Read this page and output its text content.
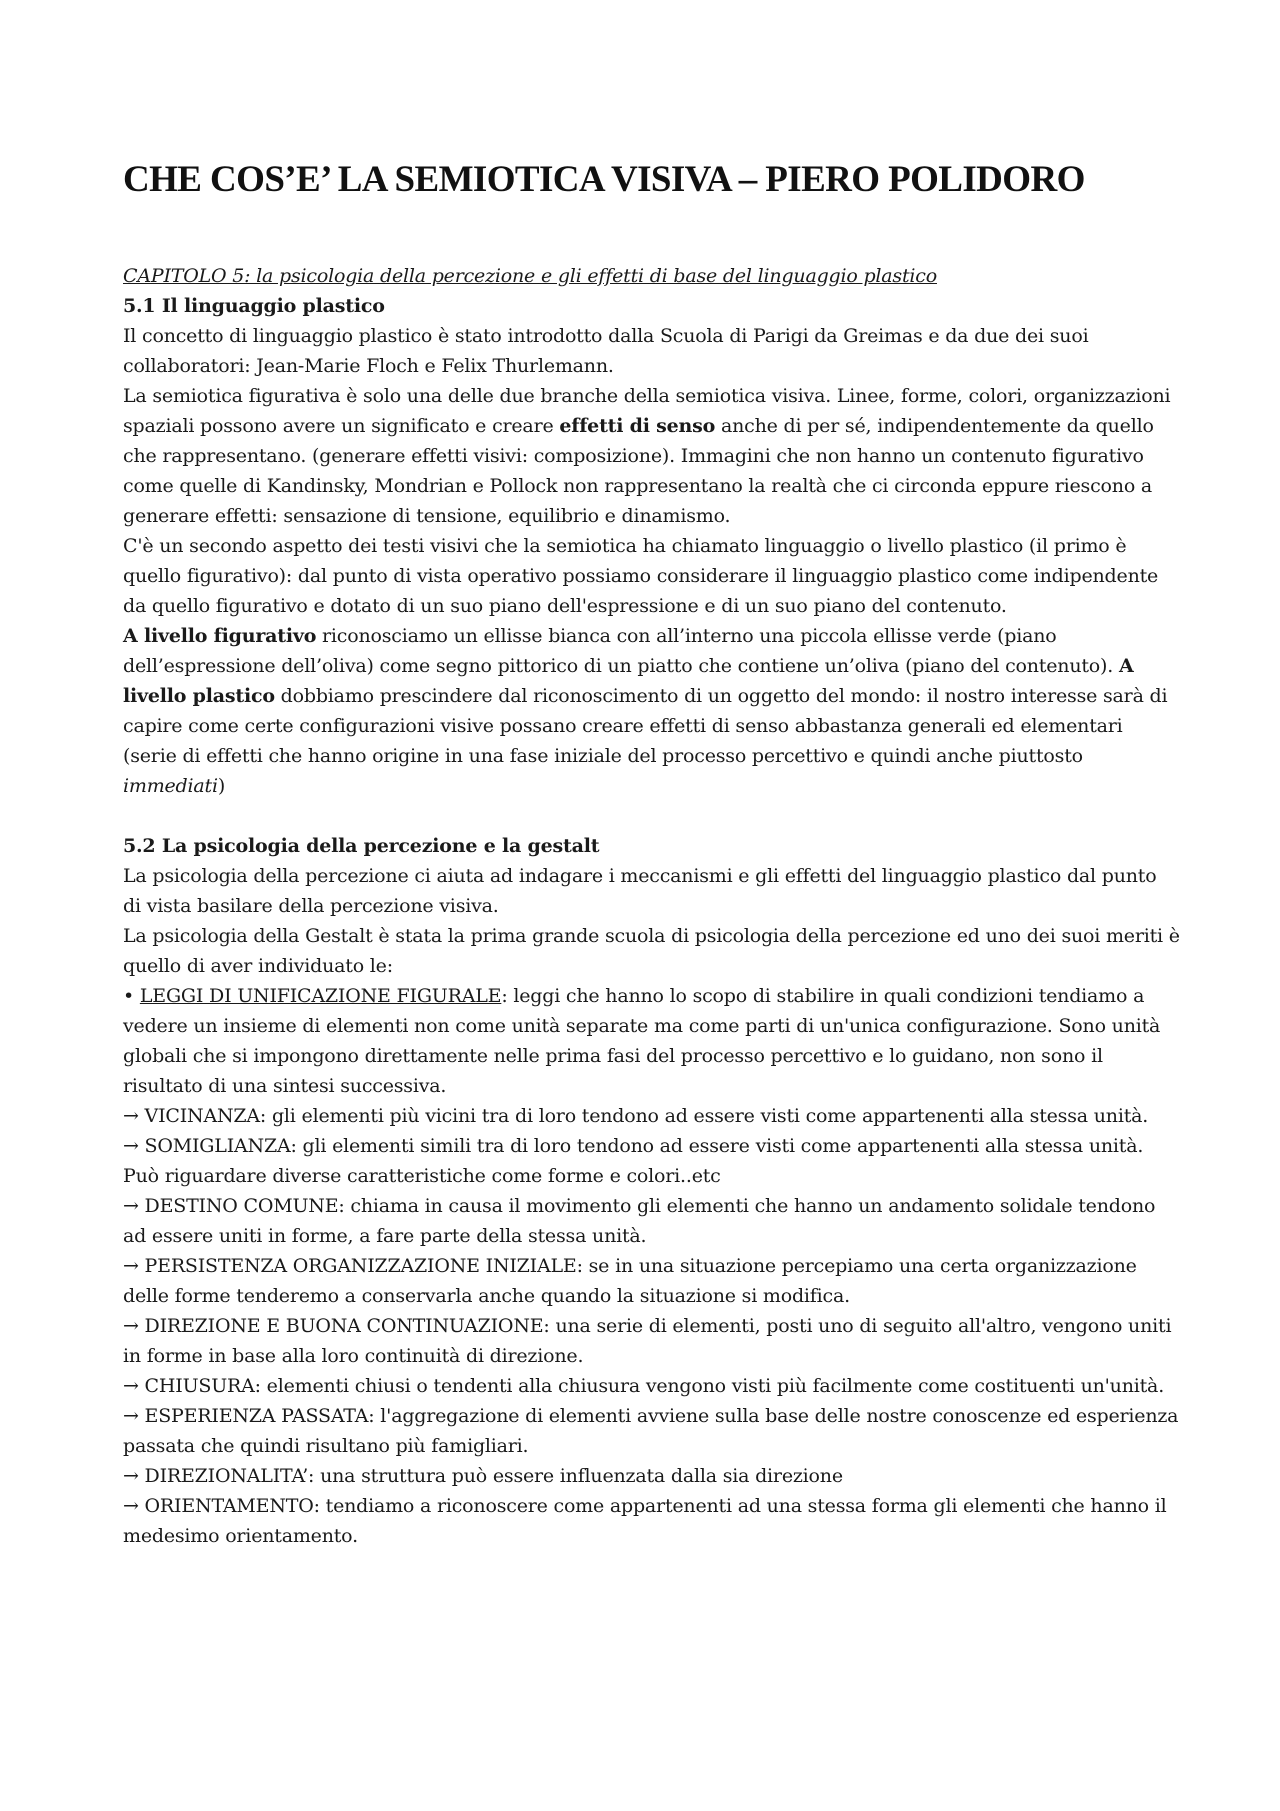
CHE COS’E’ LA SEMIOTICA VISIVA – PIERO POLIDORO
CAPITOLO 5: la psicologia della percezione e gli effetti di base del linguaggio plastico
5.1 Il linguaggio plastico

Il concetto di linguaggio plastico è stato introdotto dalla Scuola di Parigi da Greimas e da due dei suoi collaboratori: Jean-Marie Floch e Felix Thurlemann.

La semiotica figurativa è solo una delle due branche della semiotica visiva. Linee, forme, colori, organizzazioni spaziali possono avere un significato e creare effetti di senso anche di per sé, indipendentemente da quello che rappresentano. (generare effetti visivi: composizione). Immagini che non hanno un contenuto figurativo come quelle di Kandinsky, Mondrian e Pollock non rappresentano la realtà che ci circonda eppure riescono a generare effetti: sensazione di tensione, equilibrio e dinamismo.

C'è un secondo aspetto dei testi visivi che la semiotica ha chiamato linguaggio o livello plastico (il primo è quello figurativo): dal punto di vista operativo possiamo considerare il linguaggio plastico come indipendente da quello figurativo e dotato di un suo piano dell'espressione e di un suo piano del contenuto.

A livello figurativo riconosciamo un ellisse bianca con all’interno una piccola ellisse verde (piano dell’espressione dell’oliva) come segno pittorico di un piatto che contiene un’oliva (piano del contenuto). A livello plastico dobbiamo prescindere dal riconoscimento di un oggetto del mondo: il nostro interesse sarà di capire come certe configurazioni visive possano creare effetti di senso abbastanza generali ed elementari (serie di effetti che hanno origine in una fase iniziale del processo percettivo e quindi anche piuttosto immediati)

5.2 La psicologia della percezione e la gestalt

La psicologia della percezione ci aiuta ad indagare i meccanismi e gli effetti del linguaggio plastico dal punto di vista basilare della percezione visiva.

La psicologia della Gestalt è stata la prima grande scuola di psicologia della percezione ed uno dei suoi meriti è quello di aver individuato le:

• LEGGI DI UNIFICAZIONE FIGURALE: leggi che hanno lo scopo di stabilire in quali condizioni tendiamo a vedere un insieme di elementi non come unità separate ma come parti di un'unica configurazione. Sono unità globali che si impongono direttamente nelle prima fasi del processo percettivo e lo guidano, non sono il risultato di una sintesi successiva.

→ VICINANZA: gli elementi più vicini tra di loro tendono ad essere visti come appartenenti alla stessa unità.

→ SOMIGLIANZA: gli elementi simili tra di loro tendono ad essere visti come appartenenti alla stessa unità. Può riguardare diverse caratteristiche come forme e colori..etc

→ DESTINO COMUNE: chiama in causa il movimento gli elementi che hanno un andamento solidale tendono ad essere uniti in forme, a fare parte della stessa unità.

→ PERSISTENZA ORGANIZZAZIONE INIZIALE: se in una situazione percepiamo una certa organizzazione delle forme tenderemo a conservarla anche quando la situazione si modifica.

→ DIREZIONE E BUONA CONTINUAZIONE: una serie di elementi, posti uno di seguito all'altro, vengono uniti in forme in base alla loro continuità di direzione.

→ CHIUSURA: elementi chiusi o tendenti alla chiusura vengono visti più facilmente come costituenti un'unità.

→ ESPERIENZA PASSATA: l'aggregazione di elementi avviene sulla base delle nostre conoscenze ed esperienza passata che quindi risultano più famigliari.

→ DIREZIONALITA’: una struttura può essere influenzata dalla sia direzione

→ ORIENTAMENTO: tendiamo a riconoscere come appartenenti ad una stessa forma gli elementi che hanno il medesimo orientamento.
